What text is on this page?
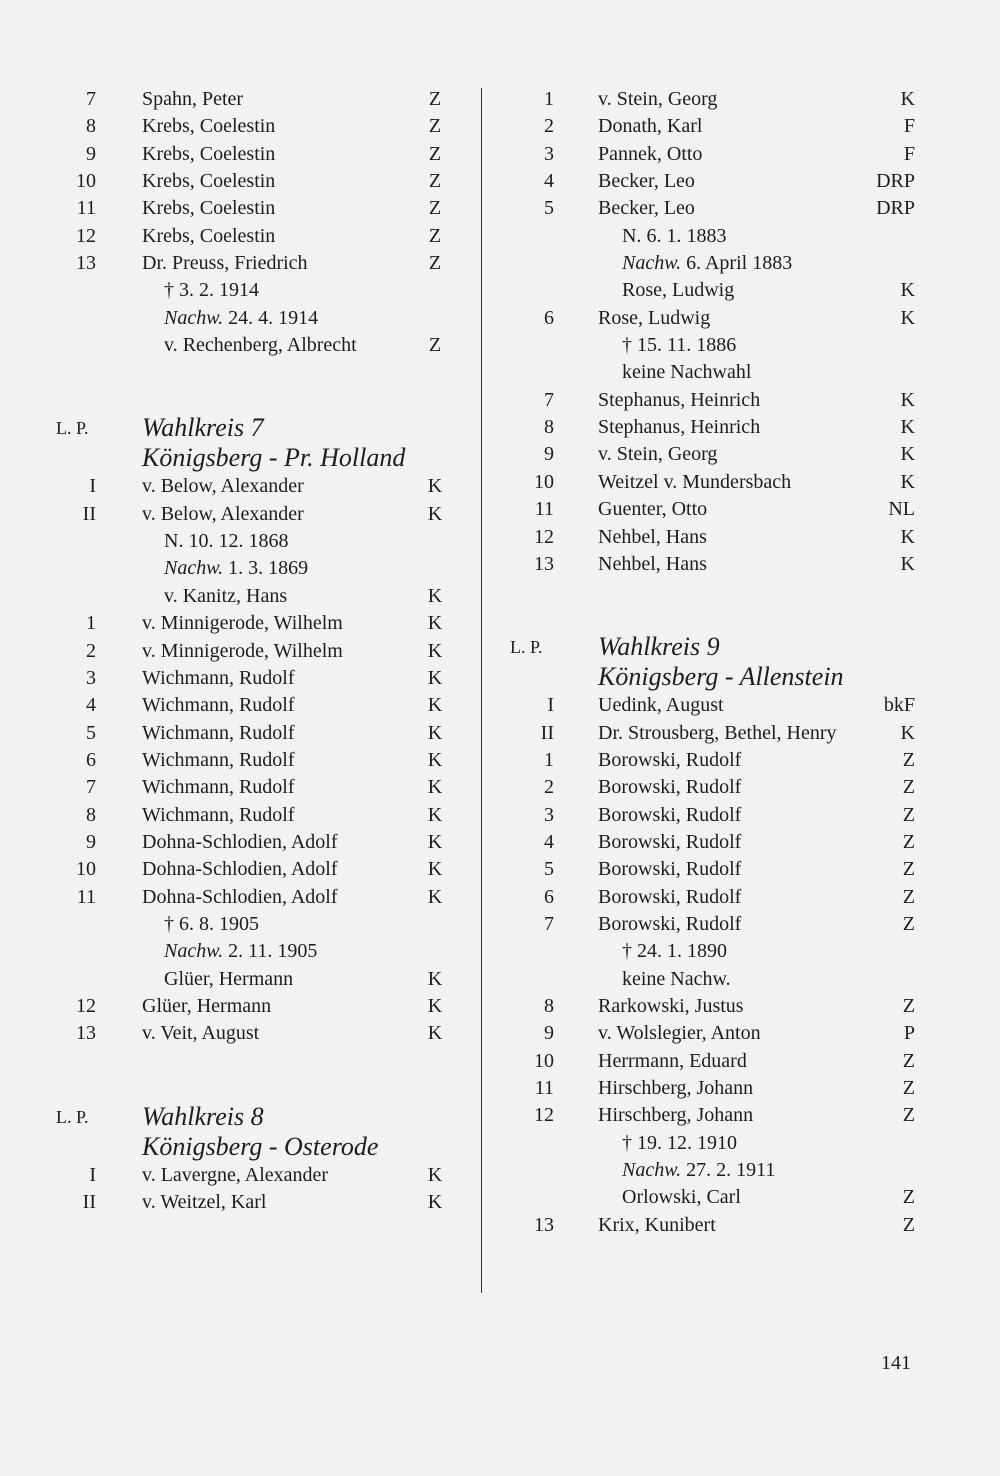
7 Spahn, Peter	Z
8 Krebs, Coelestin	Z
9 Krebs, Coelestin	Z
10 Krebs, Coelestin	Z
11 Krebs, Coelestin	Z
12 Krebs, Coelestin	Z
13 Dr. Preuss, Friedrich	Z
† 3. 2. 1914
Nachw. 24. 4. 1914
v. Rechenberg, Albrecht	Z
L. P. Wahlkreis 7
Königsberg - Pr. Holland
I v. Below, Alexander	K
II v. Below, Alexander	K
N. 10. 12. 1868
Nachw. 1. 3. 1869
v. Kanitz, Hans	K
1 v. Minnigerode, Wilhelm	K
2 v. Minnigerode, Wilhelm	K
3 Wichmann, Rudolf	K
4 Wichmann, Rudolf	K
5 Wichmann, Rudolf	K
6 Wichmann, Rudolf	K
7 Wichmann, Rudolf	K
8 Wichmann, Rudolf	K
9 Dohna-Schlodien, Adolf	K
10 Dohna-Schlodien, Adolf	K
11 Dohna-Schlodien, Adolf	K
† 6. 8. 1905
Nachw. 2. 11. 1905
Glüer, Hermann	K
12 Glüer, Hermann	K
13 v. Veit, August	K
L. P. Wahlkreis 8
Königsberg - Osterode
I v. Lavergne, Alexander	K
II v. Weitzel, Karl	K
1 v. Stein, Georg	K
2 Donath, Karl	F
3 Pannek, Otto	F
4 Becker, Leo	DRP
5 Becker, Leo	DRP
N. 6. 1. 1883
Nachw. 6. April 1883
Rose, Ludwig	K
6 Rose, Ludwig	K
† 15. 11. 1886
keine Nachwahl
7 Stephanus, Heinrich	K
8 Stephanus, Heinrich	K
9 v. Stein, Georg	K
10 Weitzel v. Mundersbach	K
11 Guenter, Otto	NL
12 Nehbel, Hans	K
13 Nehbel, Hans	K
L. P. Wahlkreis 9
Königsberg - Allenstein
I Uedink, August	bkF
II Dr. Strousberg, Bethel, Henry	K
1 Borowski, Rudolf	Z
2 Borowski, Rudolf	Z
3 Borowski, Rudolf	Z
4 Borowski, Rudolf	Z
5 Borowski, Rudolf	Z
6 Borowski, Rudolf	Z
7 Borowski, Rudolf	Z
† 24. 1. 1890
keine Nachw.
8 Rarkowski, Justus	Z
9 v. Wolslegier, Anton	P
10 Herrmann, Eduard	Z
11 Hirschberg, Johann	Z
12 Hirschberg, Johann	Z
† 19. 12. 1910
Nachw. 27. 2. 1911
Orlowski, Carl	Z
13 Krix, Kunibert	Z
141
